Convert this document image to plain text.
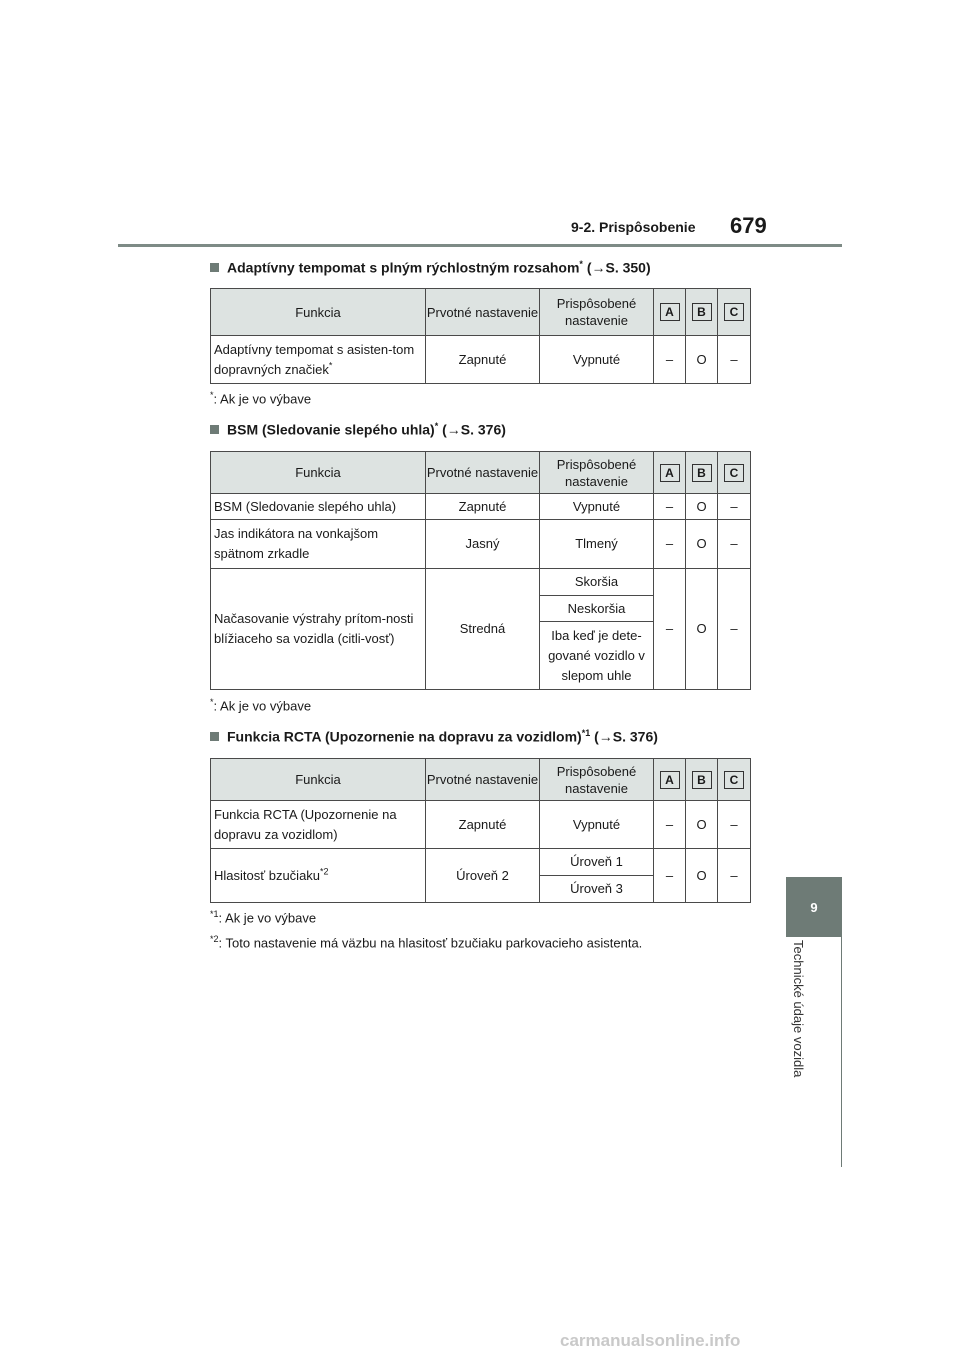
9-2. Prispôsobenie 679
9
Technické údaje vozidla
Adaptívny tempomat s plným rýchlostným rozsahom* (→S. 350)
Funkcia	Prvotné nastavenie	Prispôsobené nastavenie	A	B	C
Adaptívny tempomat s asisten-tom dopravných značiek*	Zapnuté	Vypnuté	–	O	–
*: Ak je vo výbave
BSM (Sledovanie slepého uhla)* (→S. 376)
Funkcia	Prvotné nastavenie	Prispôsobené nastavenie	A	B	C
BSM (Sledovanie slepého uhla)	Zapnuté	Vypnuté	–	O	–
Jas indikátora na vonkajšom spätnom zrkadle	Jasný	Tlmený	–	O	–
Načasovanie výstrahy prítom-nosti blížiaceho sa vozidla (citli-vosť)	Stredná	Skoršia	–	O	–
		Neskoršia			
		Iba keď je dete-gované vozidlo v slepom uhle			
*: Ak je vo výbave
Funkcia RCTA (Upozornenie na dopravu za vozidlom)$^{*1}$ (→S. 376)
Funkcia	Prvotné nastavenie	Prispôsobené nastavenie	A	B	C
Funkcia RCTA (Upozornenie na dopravu za vozidlom)	Zapnuté	Vypnuté	–	O	–
Hlasitosť bzučiaku$^{*2}$	Úroveň 2	Úroveň 1	–	O	–
		Úroveň 3			
$^{*1}$: Ak je vo výbave
$^{*2}$: Toto nastavenie má väzbu na hlasitosť bzučiaku parkovacieho asistenta.
carmanualsonline.info
